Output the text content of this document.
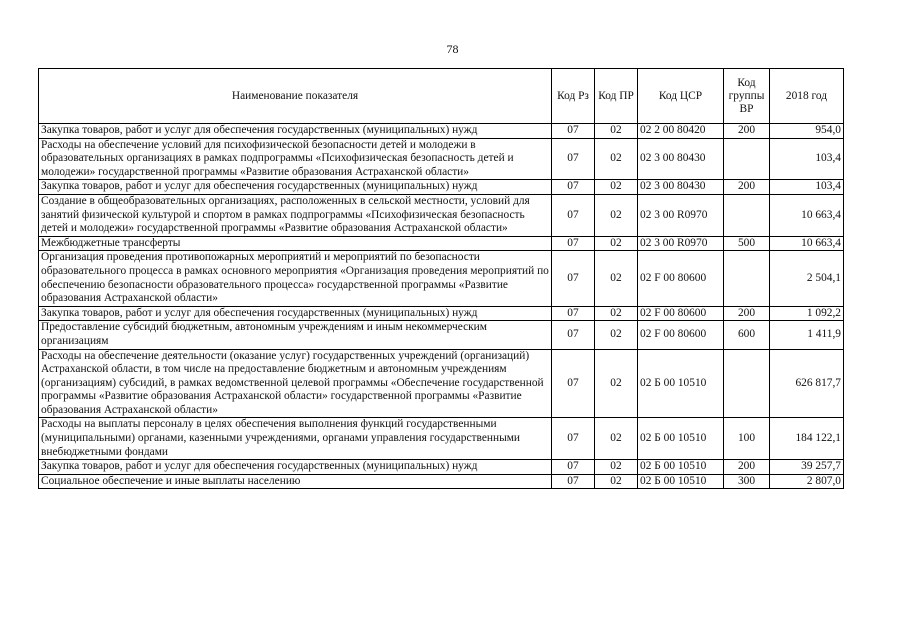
78
Наименование показателя	Код Рз	Код ПР	Код ЦСР	Код группы ВР	2018 год
Закупка товаров, работ и услуг для обеспечения государственных (муниципальных) нужд	07	02	02 2 00 80420	200	954,0
Расходы на обеспечение условий для психофизической безопасности детей и молодежи в образовательных организациях в рамках подпрограммы «Психофизическая безопасность детей и молодежи» государственной программы «Развитие образования Астраханской области»	07	02	02 3 00 80430		103,4
Закупка товаров, работ и услуг для обеспечения государственных (муниципальных) нужд	07	02	02 3 00 80430	200	103,4
Создание в общеобразовательных организациях, расположенных в сельской местности, условий для занятий физической культурой и спортом в рамках подпрограммы «Психофизическая безопасность детей и молодежи» государственной программы «Развитие образования Астраханской области»	07	02	02 3 00 R0970		10 663,4
Межбюджетные трансферты	07	02	02 3 00 R0970	500	10 663,4
Организация проведения противопожарных мероприятий и мероприятий по безопасности образовательного процесса в рамках основного мероприятия «Организация проведения мероприятий по обеспечению безопасности образовательного процесса» государственной программы «Развитие образования Астраханской области»	07	02	02 F 00 80600		2 504,1
Закупка товаров, работ и услуг для обеспечения государственных (муниципальных) нужд	07	02	02 F 00 80600	200	1 092,2
Предоставление субсидий бюджетным, автономным учреждениям и иным некоммерческим организациям	07	02	02 F 00 80600	600	1 411,9
Расходы на обеспечение деятельности (оказание услуг) государственных учреждений (организаций) Астраханской области, в том числе на предоставление бюджетным и автономным учреждениям (организациям) субсидий, в рамках ведомственной целевой программы «Обеспечение государственной программы «Развитие образования Астраханской области» государственной программы «Развитие образования Астраханской области»	07	02	02 Б 00 10510		626 817,7
Расходы на выплаты персоналу в целях обеспечения выполнения функций государственными (муниципальными) органами, казенными учреждениями, органами управления государственными внебюджетными фондами	07	02	02 Б 00 10510	100	184 122,1
Закупка товаров, работ и услуг для обеспечения государственных (муниципальных) нужд	07	02	02 Б 00 10510	200	39 257,7
Социальное обеспечение и иные выплаты населению	07	02	02 Б 00 10510	300	2 807,0
